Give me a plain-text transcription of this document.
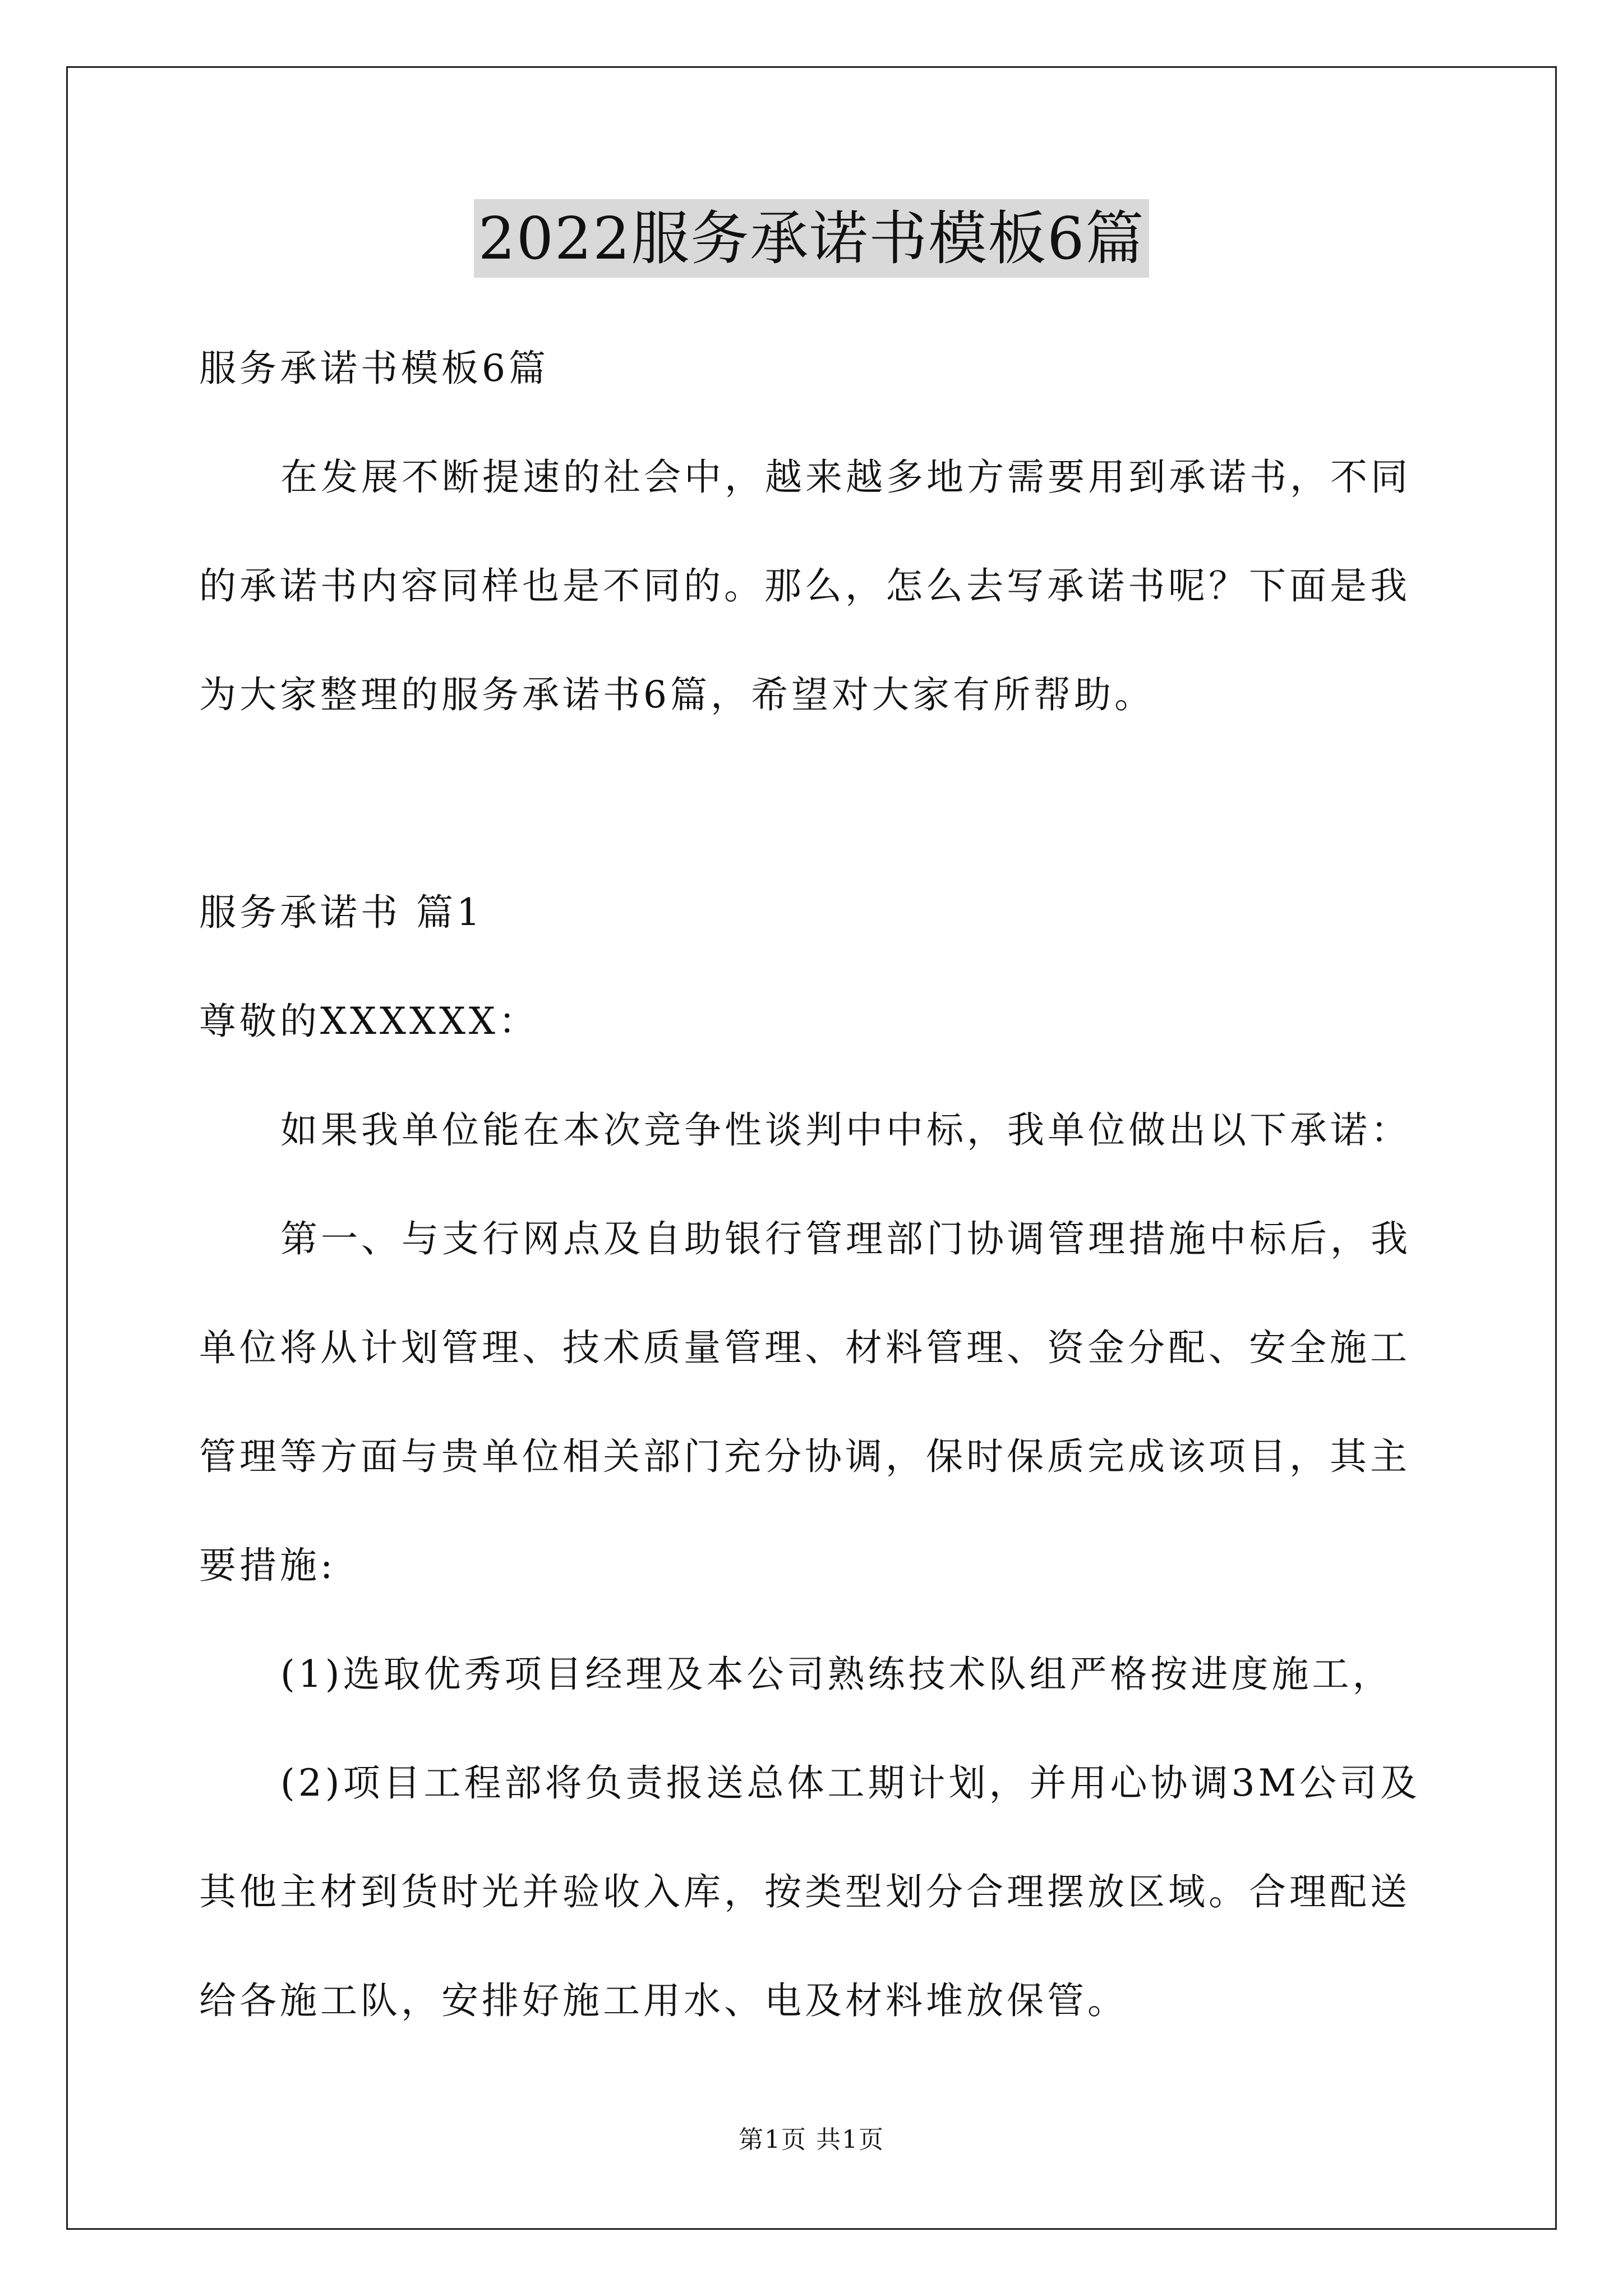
2022服务承诺书模板6篇

服务承诺书模板6篇

在发展不断提速的社会中，越来越多地方需要用到承诺书，不同的承诺书内容同样也是不同的。那么，怎么去写承诺书呢？下面是我为大家整理的服务承诺书6篇，希望对大家有所帮助。

服务承诺书 篇1

尊敬的XXXXXX：

如果我单位能在本次竞争性谈判中中标，我单位做出以下承诺：

第一、与支行网点及自助银行管理部门协调管理措施中标后，我单位将从计划管理、技术质量管理、材料管理、资金分配、安全施工管理等方面与贵单位相关部门充分协调，保时保质完成该项目，其主要措施:

(1)选取优秀项目经理及本公司熟练技术队组严格按进度施工，

(2)项目工程部将负责报送总体工期计划，并用心协调3M公司及其他主材到货时光并验收入库，按类型划分合理摆放区域。合理配送给各施工队，安排好施工用水、电及材料堆放保管。

第1页 共1页
